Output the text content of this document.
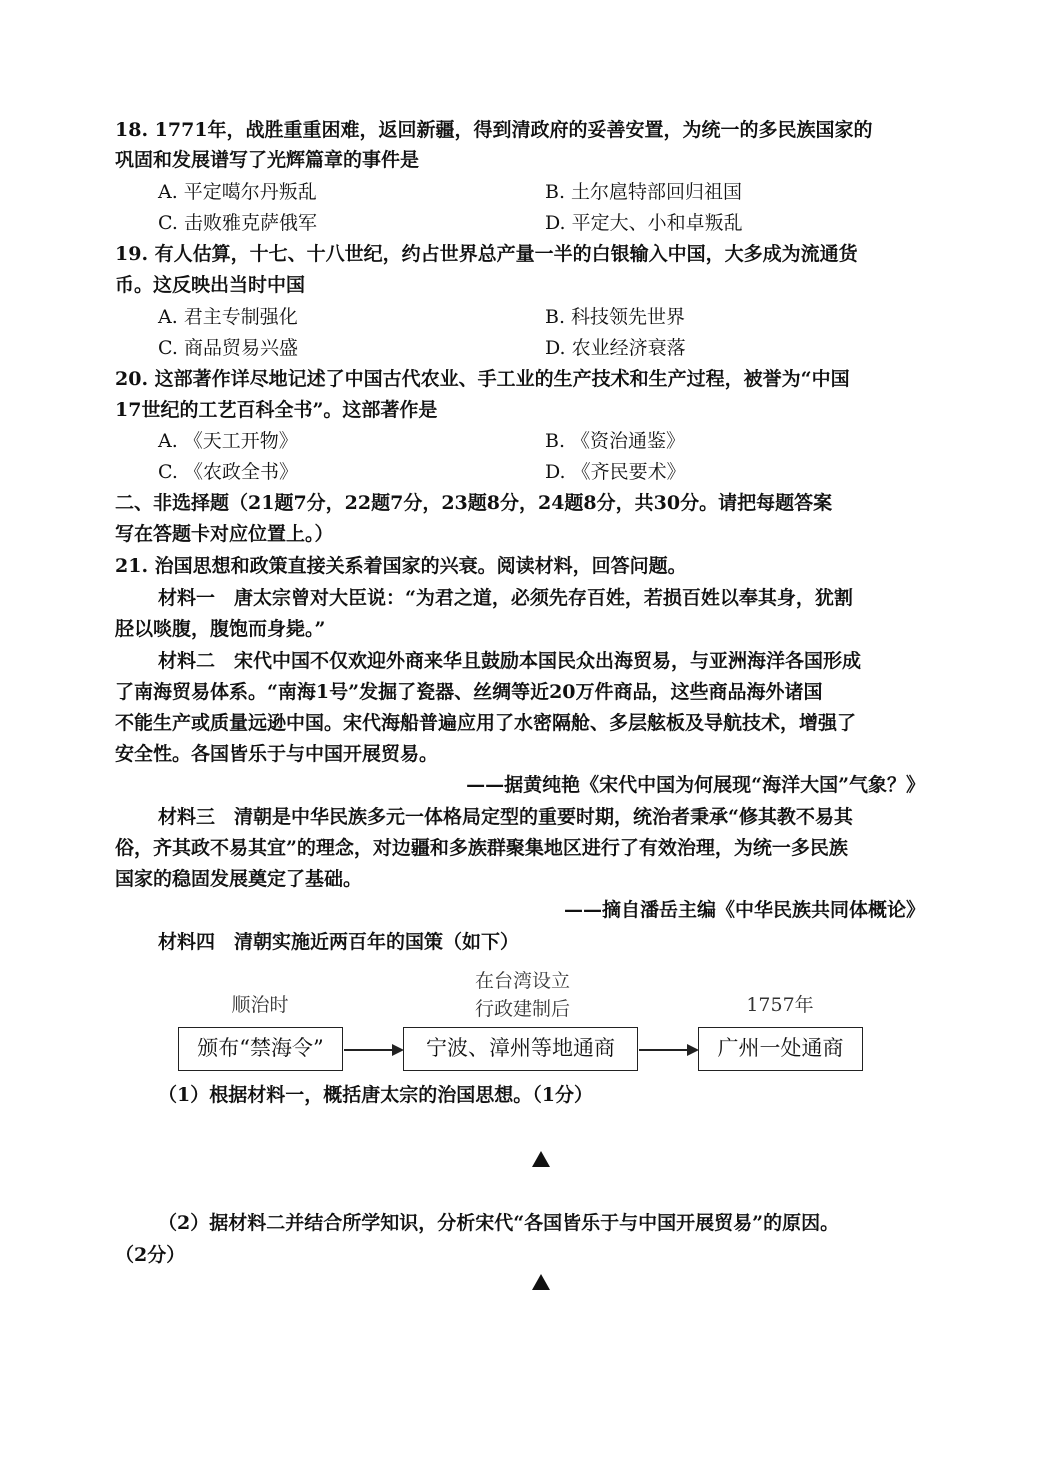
18. 1771年，战胜重重困难，返回新疆，得到清政府的妥善安置，为统一的多民族国家的
巩固和发展谱写了光辉篇章的事件是
A. 平定噶尔丹叛乱	B. 土尔扈特部回归祖国
C. 击败雅克萨俄军	D. 平定大、小和卓叛乱
19. 有人估算，十七、十八世纪，约占世界总产量一半的白银输入中国，大多成为流通货
币。这反映出当时中国
A. 君主专制强化	B. 科技领先世界
C. 商品贸易兴盛	D. 农业经济衰落
20. 这部著作详尽地记述了中国古代农业、手工业的生产技术和生产过程，被誉为“中国
17世纪的工艺百科全书”。这部著作是
A. 《天工开物》	B. 《资治通鉴》
C. 《农政全书》	D. 《齐民要术》
二、非选择题（21题7分，22题7分，23题8分，24题8分，共30分。请把每题答案
写在答题卡对应位置上。）
21. 治国思想和政策直接关系着国家的兴衰。阅读材料，回答问题。
材料一　唐太宗曾对大臣说：“为君之道，必须先存百姓，若损百姓以奉其身，犹割
胫以啖腹，腹饱而身毙。”
材料二　宋代中国不仅欢迎外商来华且鼓励本国民众出海贸易，与亚洲海洋各国形成
了南海贸易体系。“南海1号”发掘了瓷器、丝绸等近20万件商品，这些商品海外诸国
不能生产或质量远逊中国。宋代海船普遍应用了水密隔舱、多层舷板及导航技术，增强了
安全性。各国皆乐于与中国开展贸易。
——据黄纯艳《宋代中国为何展现“海洋大国”气象？》
材料三　清朝是中华民族多元一体格局定型的重要时期，统治者秉承“修其教不易其
俗，齐其政不易其宜”的理念，对边疆和多族群聚集地区进行了有效治理，为统一多民族
国家的稳固发展奠定了基础。
——摘自潘岳主编《中华民族共同体概论》
材料四　清朝实施近两百年的国策（如下）
顺治时
在台湾设立
行政建制后	1757年
颁布“禁海令”	宁波、漳州等地通商	广州一处通商
（1）根据材料一，概括唐太宗的治国思想。（1分）
（2）据材料二并结合所学知识，分析宋代“各国皆乐于与中国开展贸易”的原因。
（2分）
